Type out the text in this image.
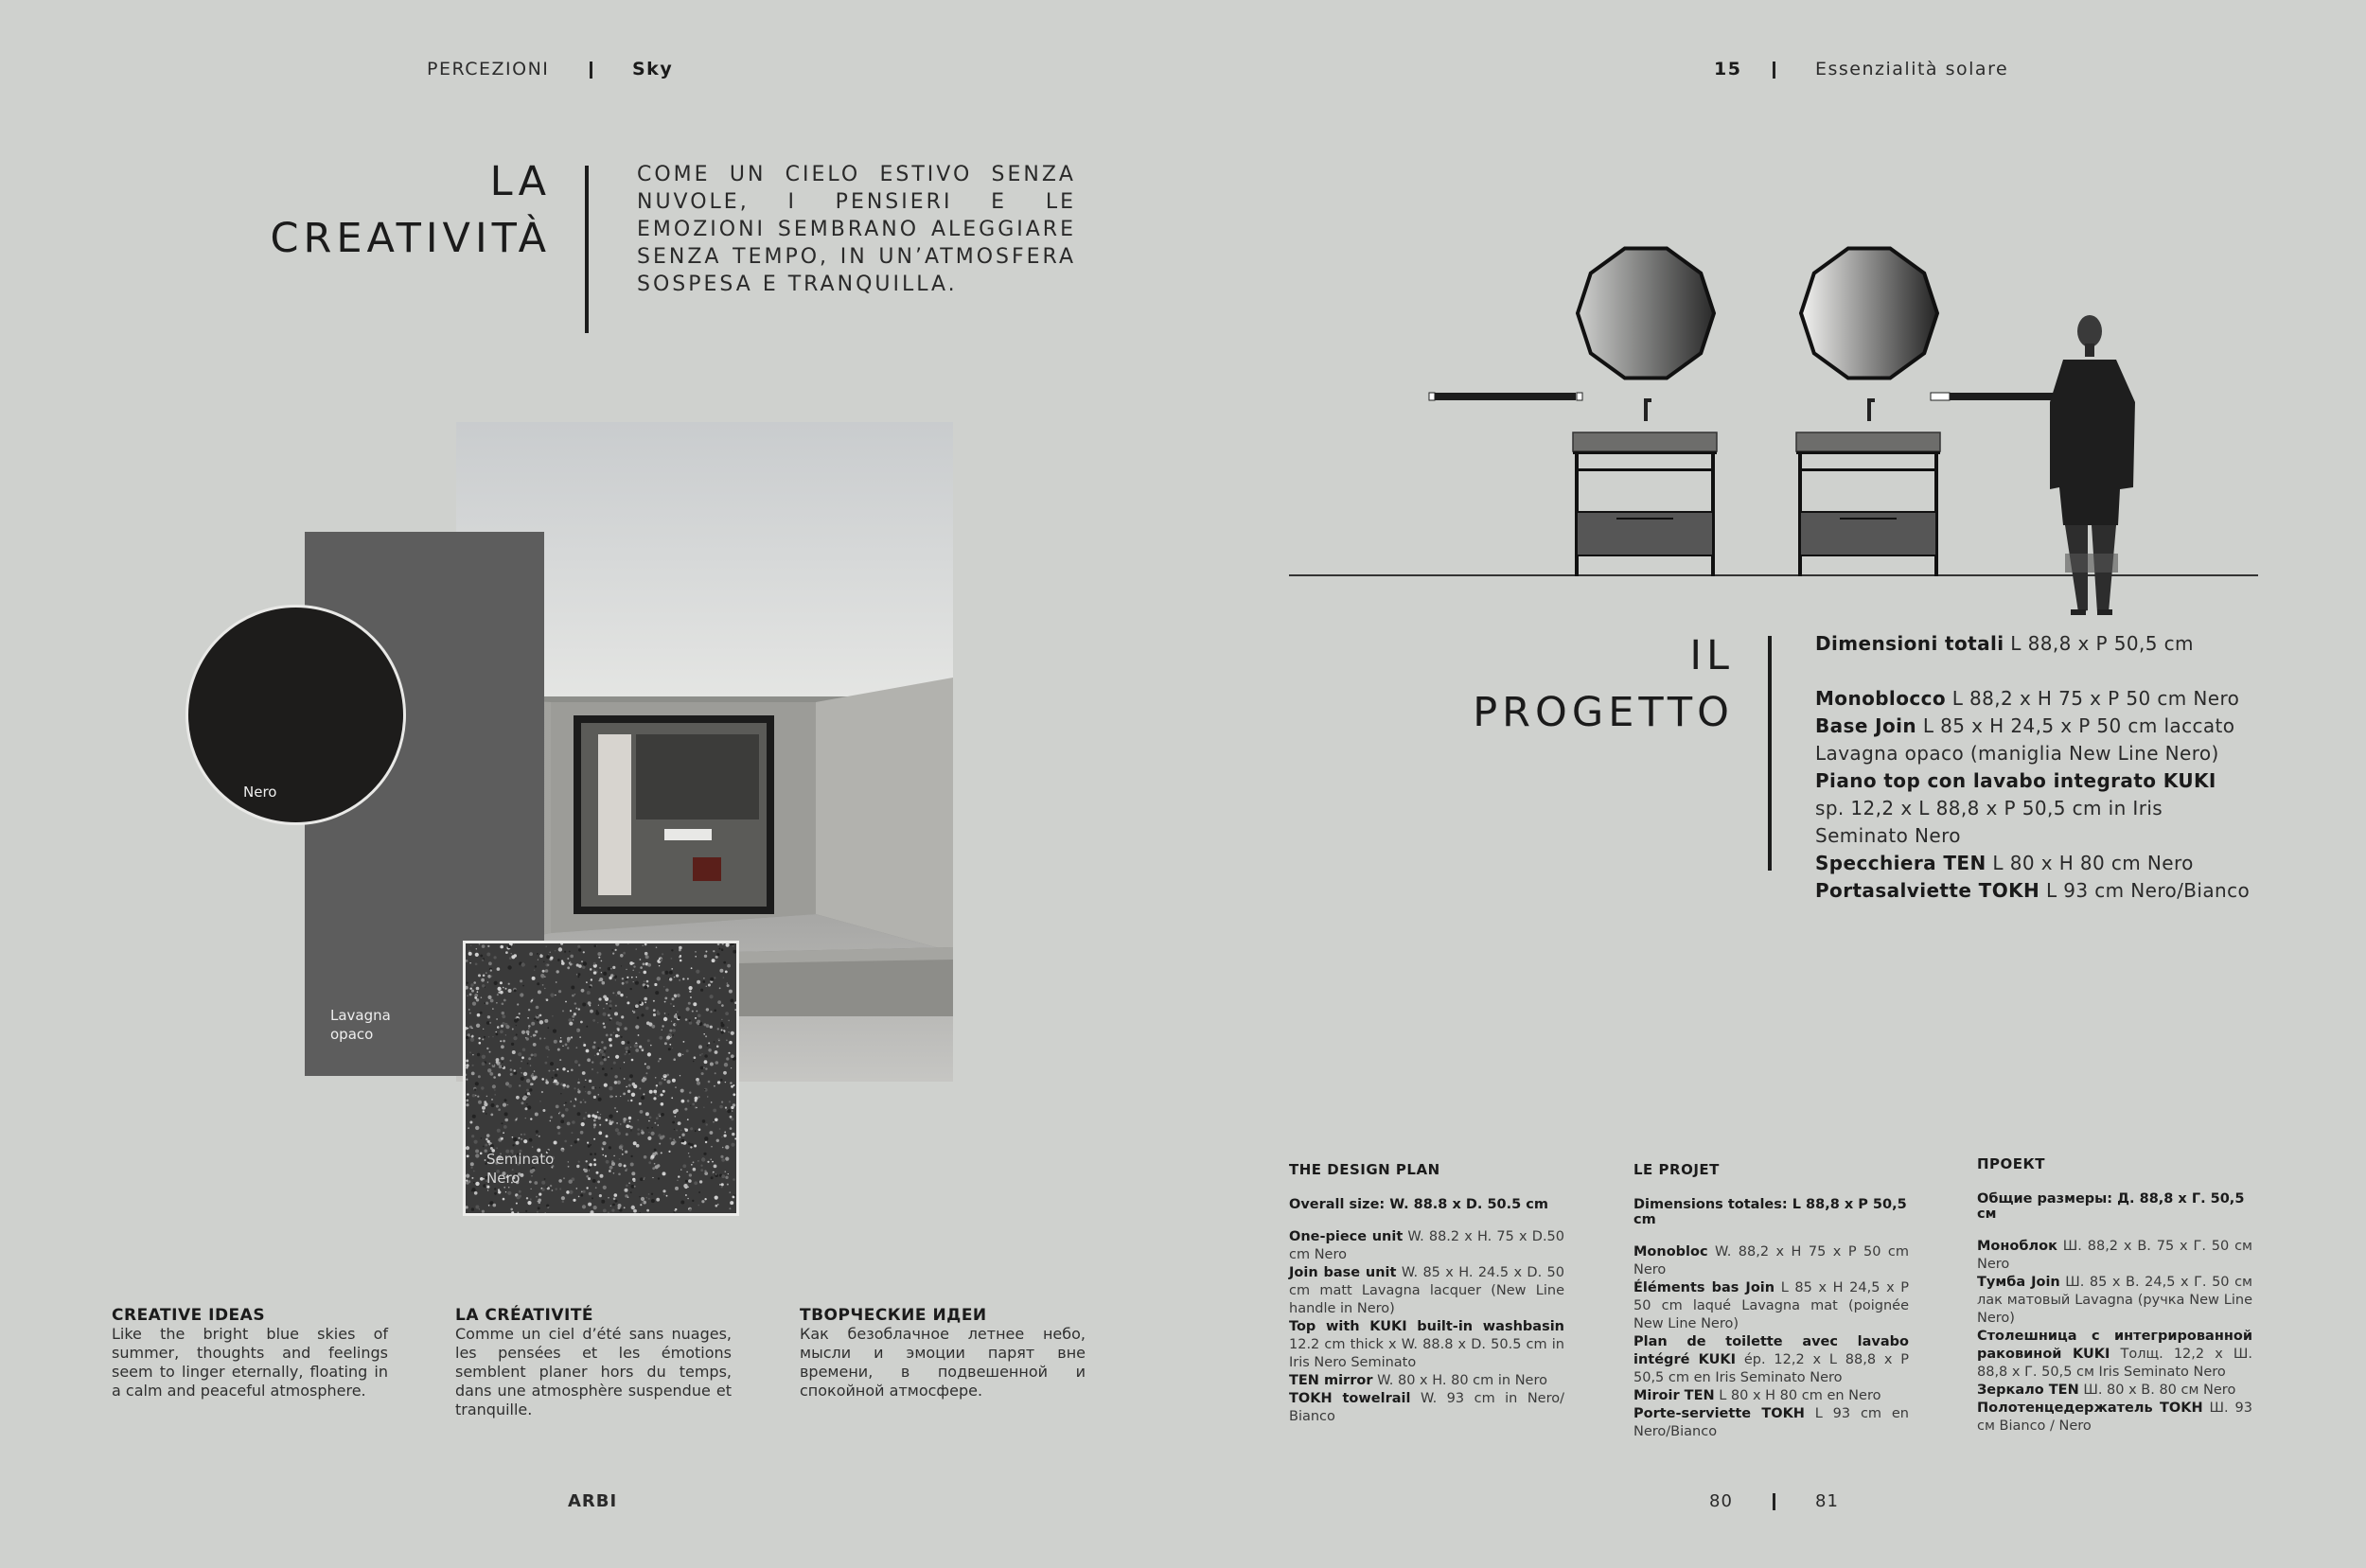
PERCEZIONI	Sky
LA
CREATIVITÀ
COME UN CIELO ESTIVO SENZA NUVOLE, I PENSIERI E LE EMOZIONI SEMBRANO ALEGGIARE SENZA TEMPO, IN UN’ATMOSFERA SOSPESA E TRANQUILLA.
Lavagna
opaco
Nero
Seminato
Nero
CREATIVE IDEAS
Like the bright blue skies of summer, thoughts and feelings seem to linger eternally, floating in a calm and peaceful atmosphere.
LA CRÉATIVITÉ
Comme un ciel d’été sans nuages, les pensées et les émotions semblent planer hors du temps, dans une atmosphère suspendue et tranquille.
ТВОРЧЕСКИЕ ИДЕИ
Как безоблачное летнее небо, мысли и эмоции парят вне времени, в подвешенной и спокойной атмосфере.
ARBI
15	Essenzialità solare
IL
PROGETTO
Dimensioni totali L 88,8 x P 50,5 cm
Monoblocco L 88,2 x H 75 x P 50 cm Nero
Base Join L 85 x H 24,5 x P 50 cm laccato Lavagna opaco (maniglia New Line Nero)
Piano top con lavabo integrato KUKI sp. 12,2 x L 88,8 x P 50,5 cm in Iris Seminato Nero
Specchiera TEN L 80 x H 80 cm Nero
Portasalviette TOKH L 93 cm Nero/Bianco
THE DESIGN PLAN
Overall size: W. 88.8 x D. 50.5 cm
One-piece unit W. 88.2 x H. 75 x D.50 cm Nero
Join base unit W. 85 x H. 24.5 x D. 50 cm matt Lavagna lacquer (New Line handle in Nero)
Top with KUKI built-in washbasin 12.2 cm thick x W. 88.8 x D. 50.5 cm in Iris Nero Seminato
TEN mirror W. 80 x H. 80 cm in Nero
TOKH towelrail W. 93 cm in Nero/ Bianco
LE PROJET
Dimensions totales: L 88,8 x P 50,5 cm
Monobloc W. 88,2 x H 75 x P 50 cm Nero
Éléments bas Join L 85 x H 24,5 x P 50 cm laqué Lavagna mat (poignée New Line Nero)
Plan de toilette avec lavabo intégré KUKI ép. 12,2 x L 88,8 x P 50,5 cm en Iris Seminato Nero
Miroir TEN L 80 x H 80 cm en Nero
Porte-serviette TOKH L 93 cm en Nero/Bianco
ПРОЕКТ
Общие размеры: Д. 88,8 х Г. 50,5 см
Моноблок Ш. 88,2 х В. 75 х Г. 50 см Nero
Тумба Join Ш. 85 х В. 24,5 х Г. 50 см лак матовый Lavagna (ручка New Line Nero)
Столешница с интегрированной раковиной KUKI Толщ. 12,2 х Ш. 88,8 х Г. 50,5 см Iris Seminato Nero
Зеркало TEN Ш. 80 х В. 80 см Nero
Полотенцедержатель TOKH Ш. 93 см Bianco / Nero
80	81
